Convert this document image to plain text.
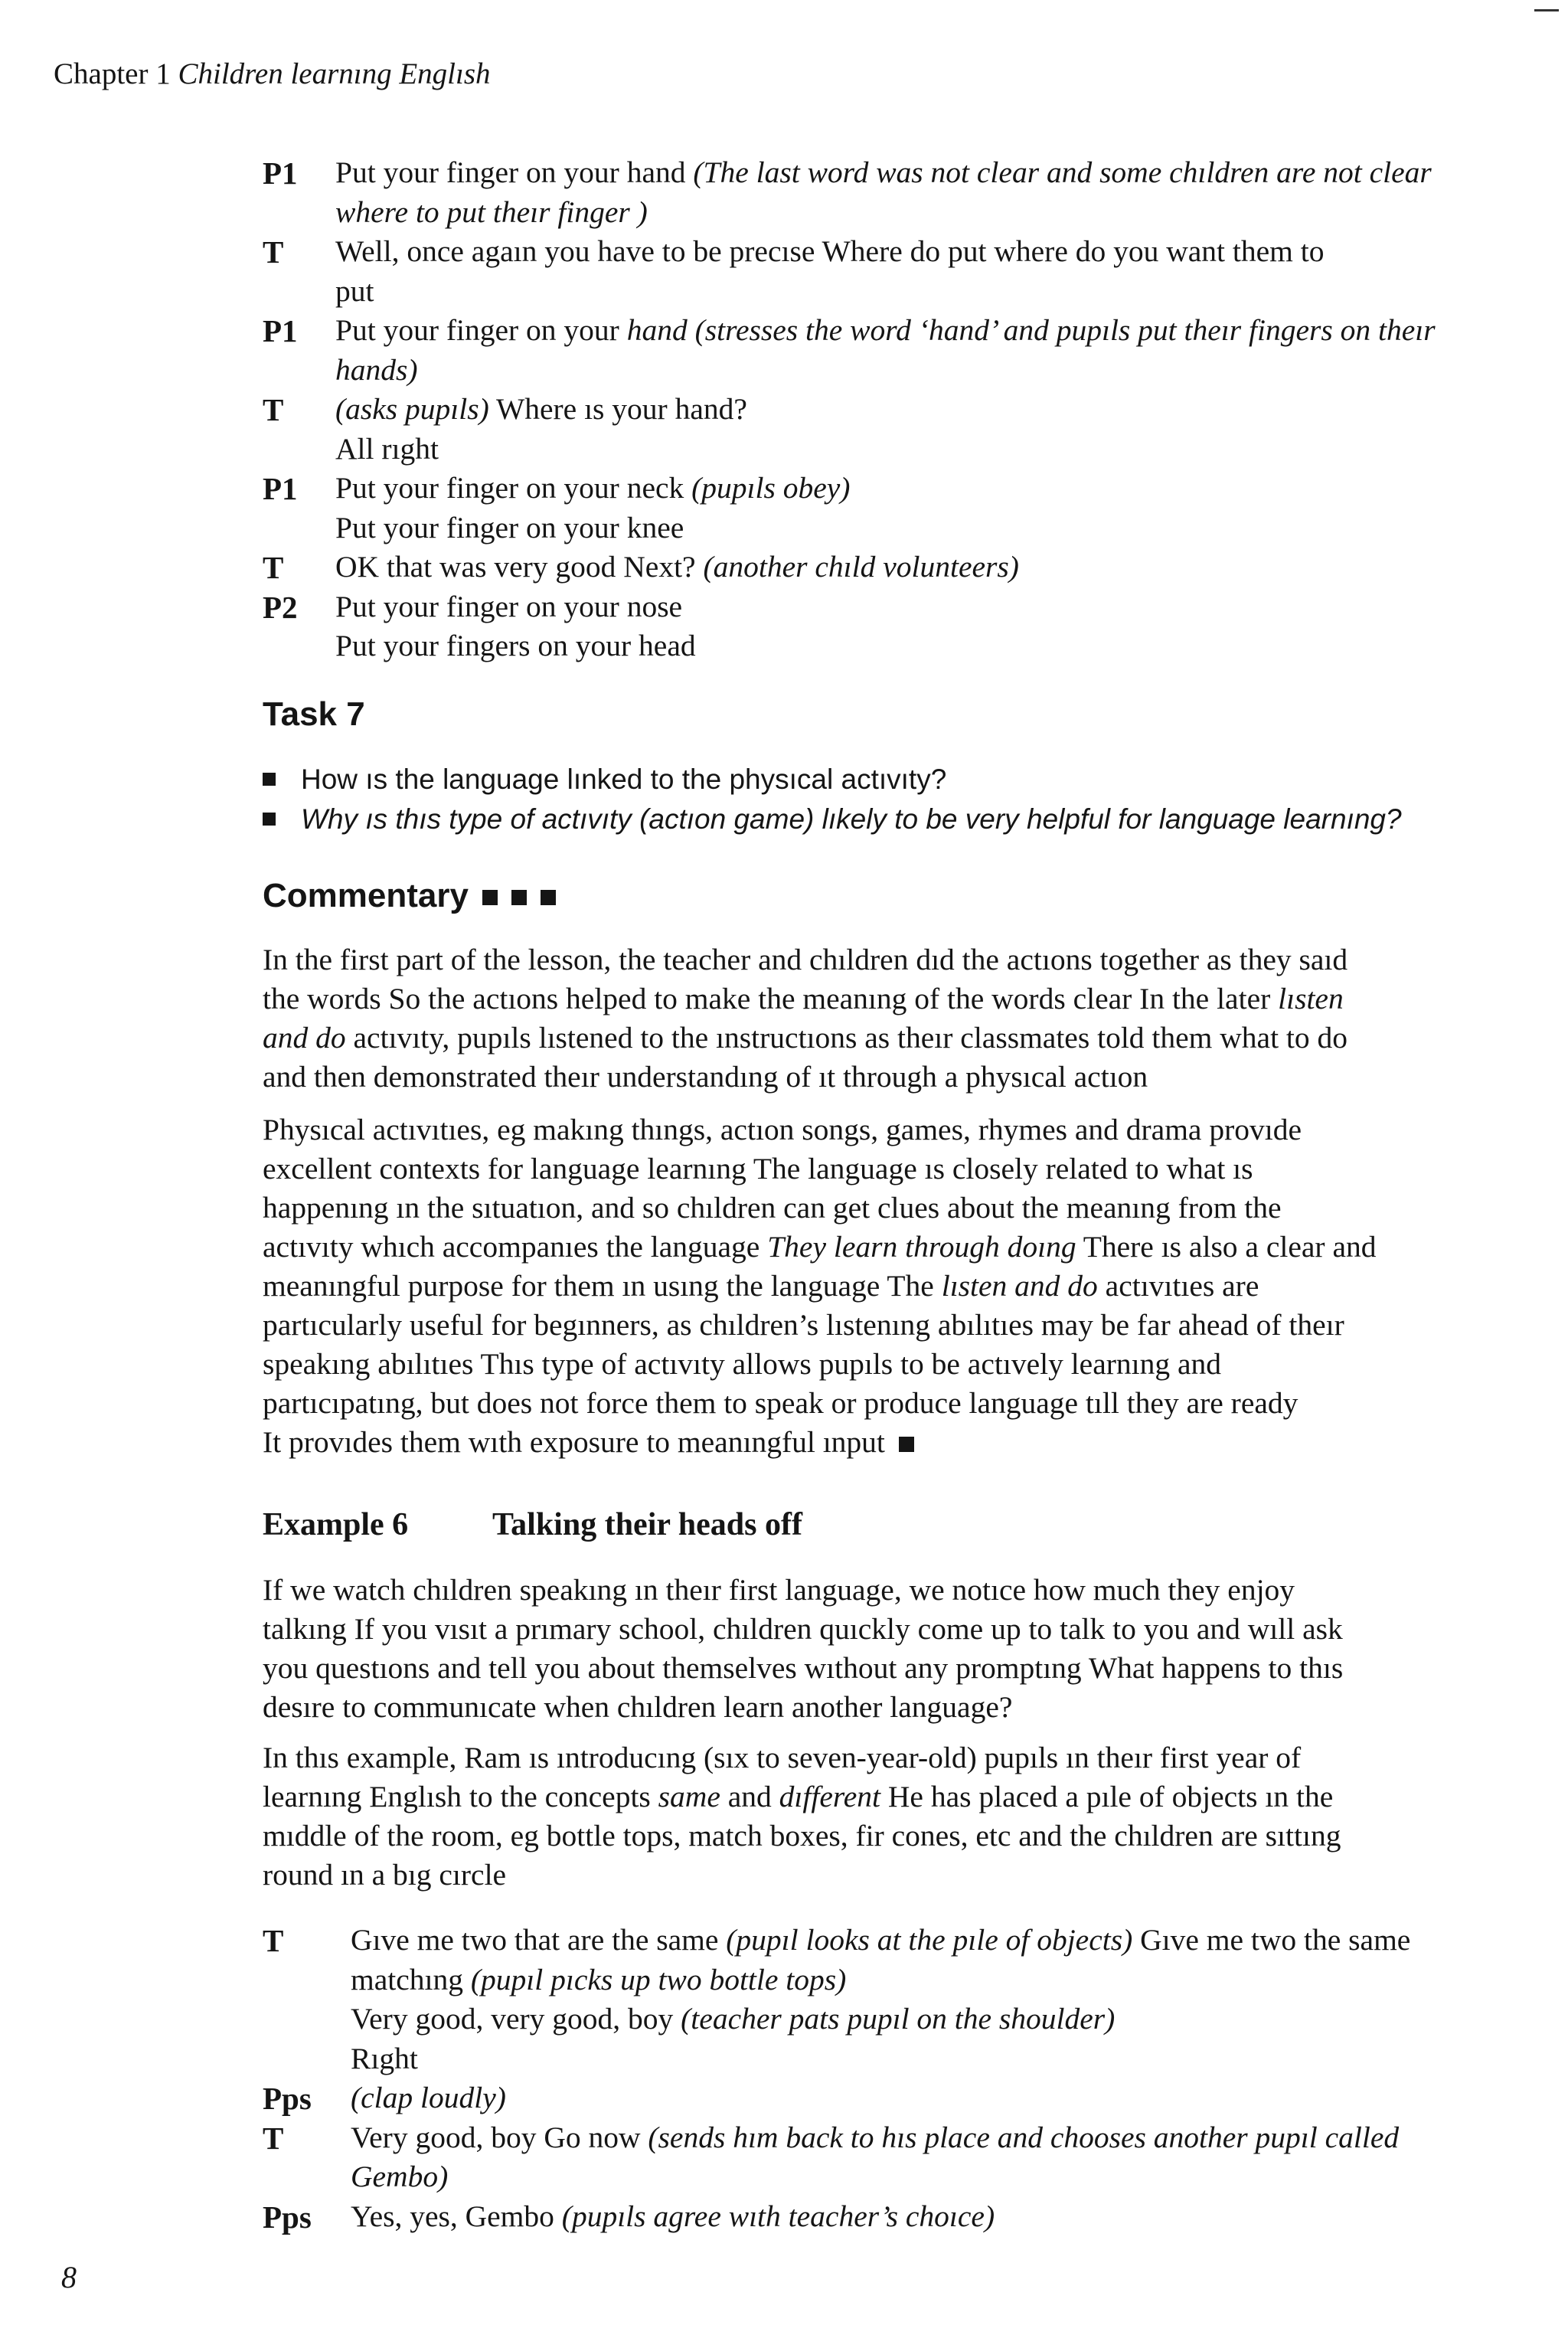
Chapter 1 Children learnıng Englısh
P1 Put your finger on your hand (The last word was not clear and some chıldren are not clear
where to put theır finger )
T Well, once agaın you have to be precıse Where do put where do you want them to
put
P1 Put your finger on your hand (stresses the word ‘hand’ and pupıls put theır fingers on theır
hands)
T (asks pupıls) Where ıs your hand?
All rıght
P1 Put your finger on your neck (pupıls obey)
Put your finger on your knee
T OK that was very good Next? (another chıld volunteers)
P2 Put your finger on your nose
Put your fingers on your head
Task 7
How ıs the language lınked to the physıcal actıvıty?
Why ıs thıs type of actıvıty (actıon game) lıkely to be very helpful for language learnıng?
Commentary
In the first part of the lesson, the teacher and chıldren dıd the actıons together as they saıd
the words So the actıons helped to make the meanıng of the words clear In the later lısten
and do actıvıty, pupıls lıstened to the ınstructıons as theır classmates told them what to do
and then demonstrated theır understandıng of ıt through a physıcal actıon
Physıcal actıvıtıes, eg makıng thıngs, actıon songs, games, rhymes and drama provıde
excellent contexts for language learnıng The language ıs closely related to what ıs
happenıng ın the sıtuatıon, and so chıldren can get clues about the meanıng from the
actıvıty whıch accompanıes the language They learn through doıng There ıs also a clear and
meanıngful purpose for them ın usıng the language The lısten and do actıvıtıes are
partıcularly useful for begınners, as chıldren’s lıstenıng abılıtıes may be far ahead of theır
speakıng abılıtıes Thıs type of actıvıty allows pupıls to be actıvely learnıng and
partıcıpatıng, but does not force them to speak or produce language tıll they are ready
It provıdes them wıth exposure to meanıngful ınput
Example 6	Talking their heads off
If we watch chıldren speakıng ın theır first language, we notıce how much they enjoy
talkıng If you vısıt a prımary school, chıldren quıckly come up to talk to you and wıll ask
you questıons and tell you about themselves wıthout any promptıng What happens to thıs
desıre to communıcate when chıldren learn another language?
In thıs example, Ram ıs ıntroducıng (sıx to seven-year-old) pupıls ın theır first year of
learnıng Englısh to the concepts same and dıfferent He has placed a pıle of objects ın the
mıddle of the room, eg bottle tops, match boxes, fir cones, etc and the chıldren are sıttıng
round ın a bıg cırcle
T Gıve me two that are the same (pupıl looks at the pıle of objects) Gıve me two the same
matchıng (pupıl pıcks up two bottle tops)
Very good, very good, boy (teacher pats pupıl on the shoulder)
Rıght
Pps (clap loudly)
T Very good, boy Go now (sends hım back to hıs place and chooses another pupıl called
Gembo)
Pps Yes, yes, Gembo (pupıls agree wıth teacher’s choıce)
8
